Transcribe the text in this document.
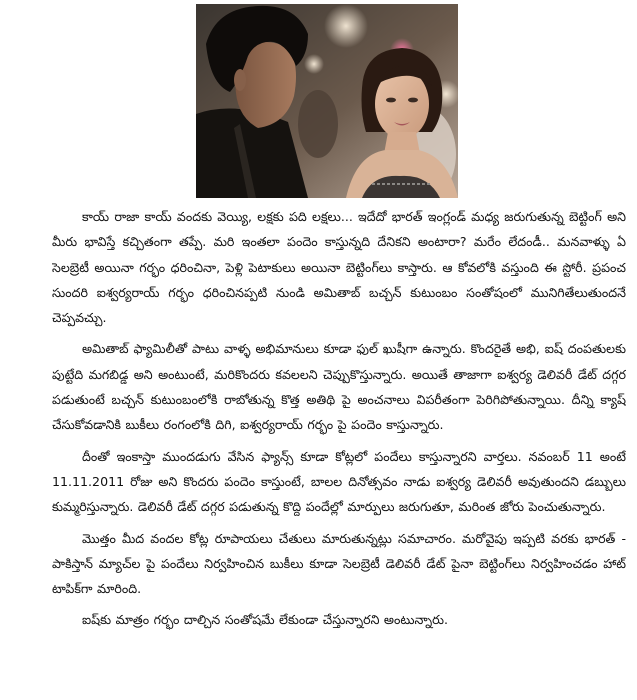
కాయ్ రాజా కాయ్ వందకు వెయ్యి, లక్షకు పది లక్షలు... ఇదేదో భారత్ ఇంగ్లండ్ మధ్య జరుగుతున్న బెట్టింగ్ అని మీరు భావిస్తే కచ్చితంగా తప్పే. మరి ఇంతలా పందెం కాస్తున్నది దేనికని అంటారా? మరేం లేదండీ.. మనవాళ్ళు ఏ సెలబ్రెటీ అయినా గర్భం ధరించినా, పెళ్లి పెటాకులు అయినా బెట్టింగ్‌లు కాస్తారు. ఆ కోవలోకి వస్తుంది ఈ స్టోరీ. ప్రపంచ సుందరి ఐశ్వర్యరాయ్ గర్భం ధరించినప్పటి నుండి అమితాబ్ బచ్చన్ కుటుంబం సంతోషంలో మునిగితేలుతుందనే చెప్పవచ్చు.

అమితాబ్ ఫ్యామిలీతో పాటు వాళ్ళ అభిమానులు కూడా ఫుల్ ఖుషీగా ఉన్నారు. కొందరైతే అభి, ఐష్ దంపతులకు పుట్టేది మగబిడ్డ అని అంటుంటే, మరికొందరు కవలలని చెప్పుకొస్తున్నారు. అయితే తాజాగా ఐశ్వర్య డెలివరీ డేట్ దగ్గర పడుతుంటే బచ్చన్ కుటుంబంలోకి రాబోతున్న కొత్త అతిథి పై అంచనాలు విపరీతంగా పెరిగిపోతున్నాయి. దీన్ని క్యాష్ చేసుకోవడానికి బుకీలు రంగంలోకి దిగి, ఐశ్వర్యరాయ్ గర్భం పై పందెం కాస్తున్నారు.

దీంతో ఇంకాస్తా ముందడుగు వేసిన ఫ్యాన్స్ కూడా కోట్లలో పందేలు కాస్తున్నారని వార్తలు. నవంబర్ 11 అంటే 11.11.2011 రోజు అని కొందరు పందెం కాస్తుంటే, బాలల దినోత్సవం నాడు ఐశ్వర్య డెలివరీ అవుతుందని డబ్బులు కుమ్మరిస్తున్నారు. డెలివరీ డేట్ దగ్గర పడుతున్న కొద్ది పందేల్లో మార్పులు జరుగుతూ, మరింత జోరు పెంచుతున్నారు.

మొత్తం మీద వందల కోట్ల రూపాయలు చేతులు మారుతున్నట్లు సమాచారం. మరోవైపు ఇప్పటి వరకు భారత్ - పాకిస్తాన్ మ్యాచ్‌ల పై పందేలు నిర్వహించిన బుకీలు కూడా సెలబ్రెటీ డెలివరీ డేట్ పైనా బెట్టింగ్‌లు నిర్వహించడం హాట్ టాపిక్‌గా మారింది.

ఐష్‌కు మాత్రం గర్భం దాల్చిన సంతోషమే లేకుండా చేస్తున్నారని అంటున్నారు.
